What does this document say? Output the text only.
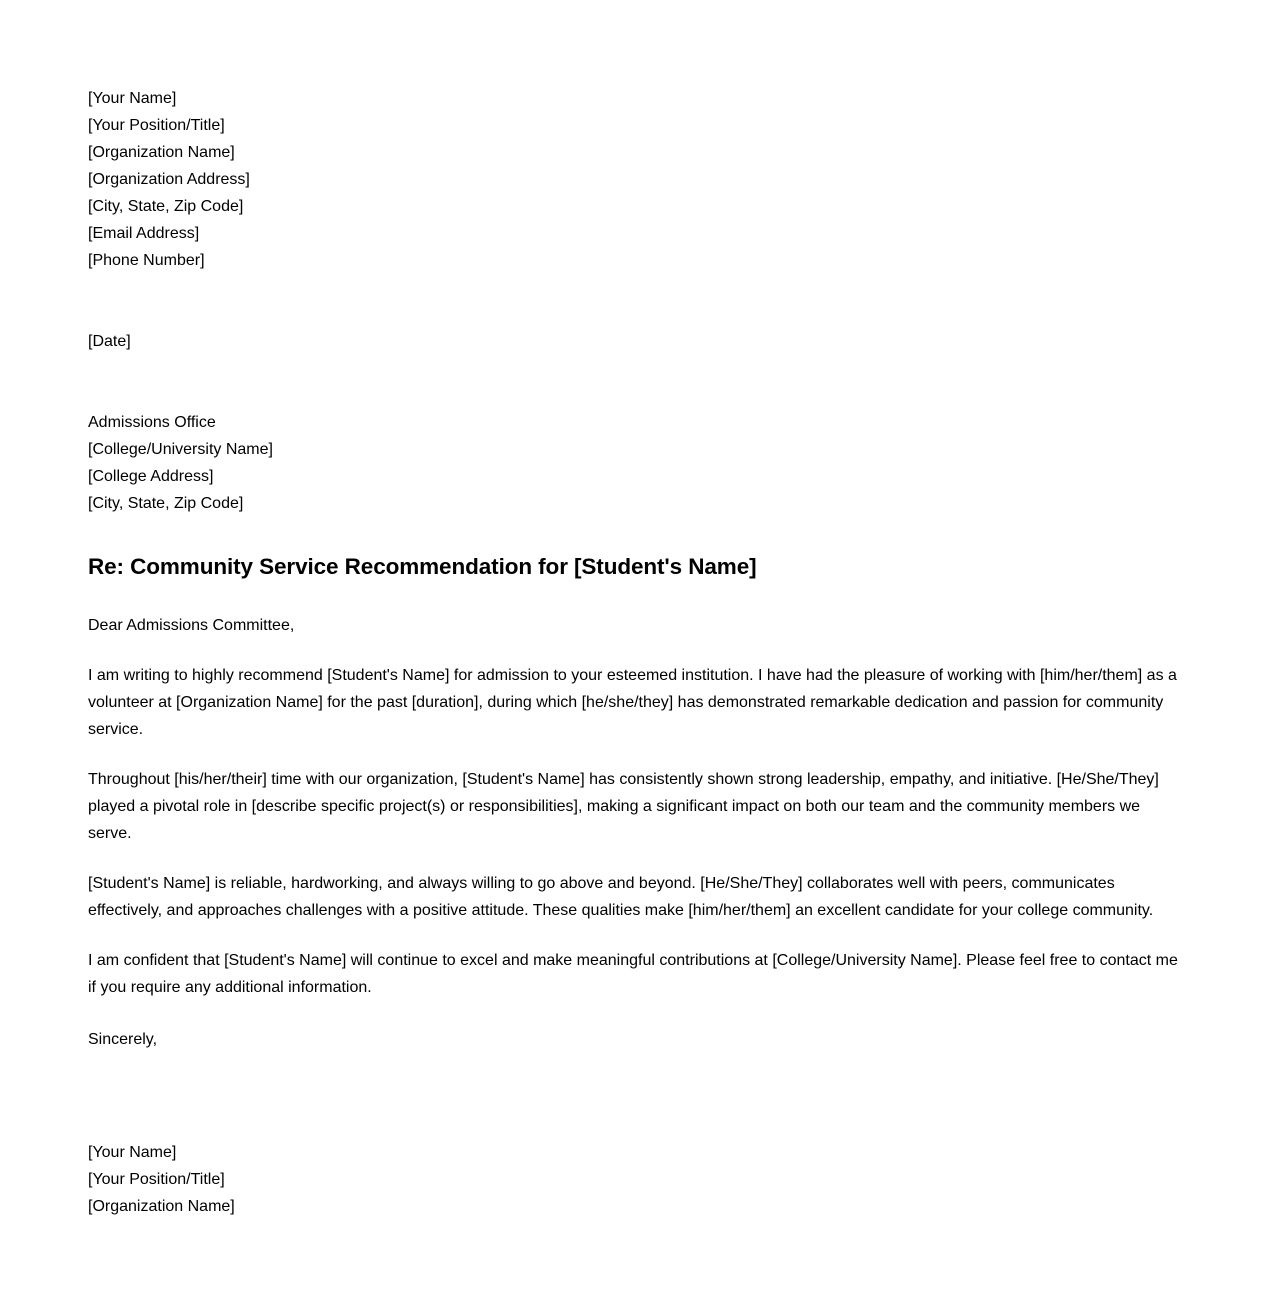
[Your Name]
[Your Position/Title]
[Organization Name]
[Organization Address]
[City, State, Zip Code]
[Email Address]
[Phone Number]
[Date]
Admissions Office
[College/University Name]
[College Address]
[City, State, Zip Code]
Re: Community Service Recommendation for [Student's Name]

Dear Admissions Committee,

I am writing to highly recommend [Student's Name] for admission to your esteemed institution. I have had the pleasure of working with [him/her/them] as a volunteer at [Organization Name] for the past [duration], during which [he/she/they] has demonstrated remarkable dedication and passion for community service.

Throughout [his/her/their] time with our organization, [Student's Name] has consistently shown strong leadership, empathy, and initiative. [He/She/They] played a pivotal role in [describe specific project(s) or responsibilities], making a significant impact on both our team and the community members we serve.

[Student's Name] is reliable, hardworking, and always willing to go above and beyond. [He/She/They] collaborates well with peers, communicates effectively, and approaches challenges with a positive attitude. These qualities make [him/her/them] an excellent candidate for your college community.

I am confident that [Student's Name] will continue to excel and make meaningful contributions at [College/University Name]. Please feel free to contact me if you require any additional information.

Sincerely,

[Your Name]
[Your Position/Title]
[Organization Name]
